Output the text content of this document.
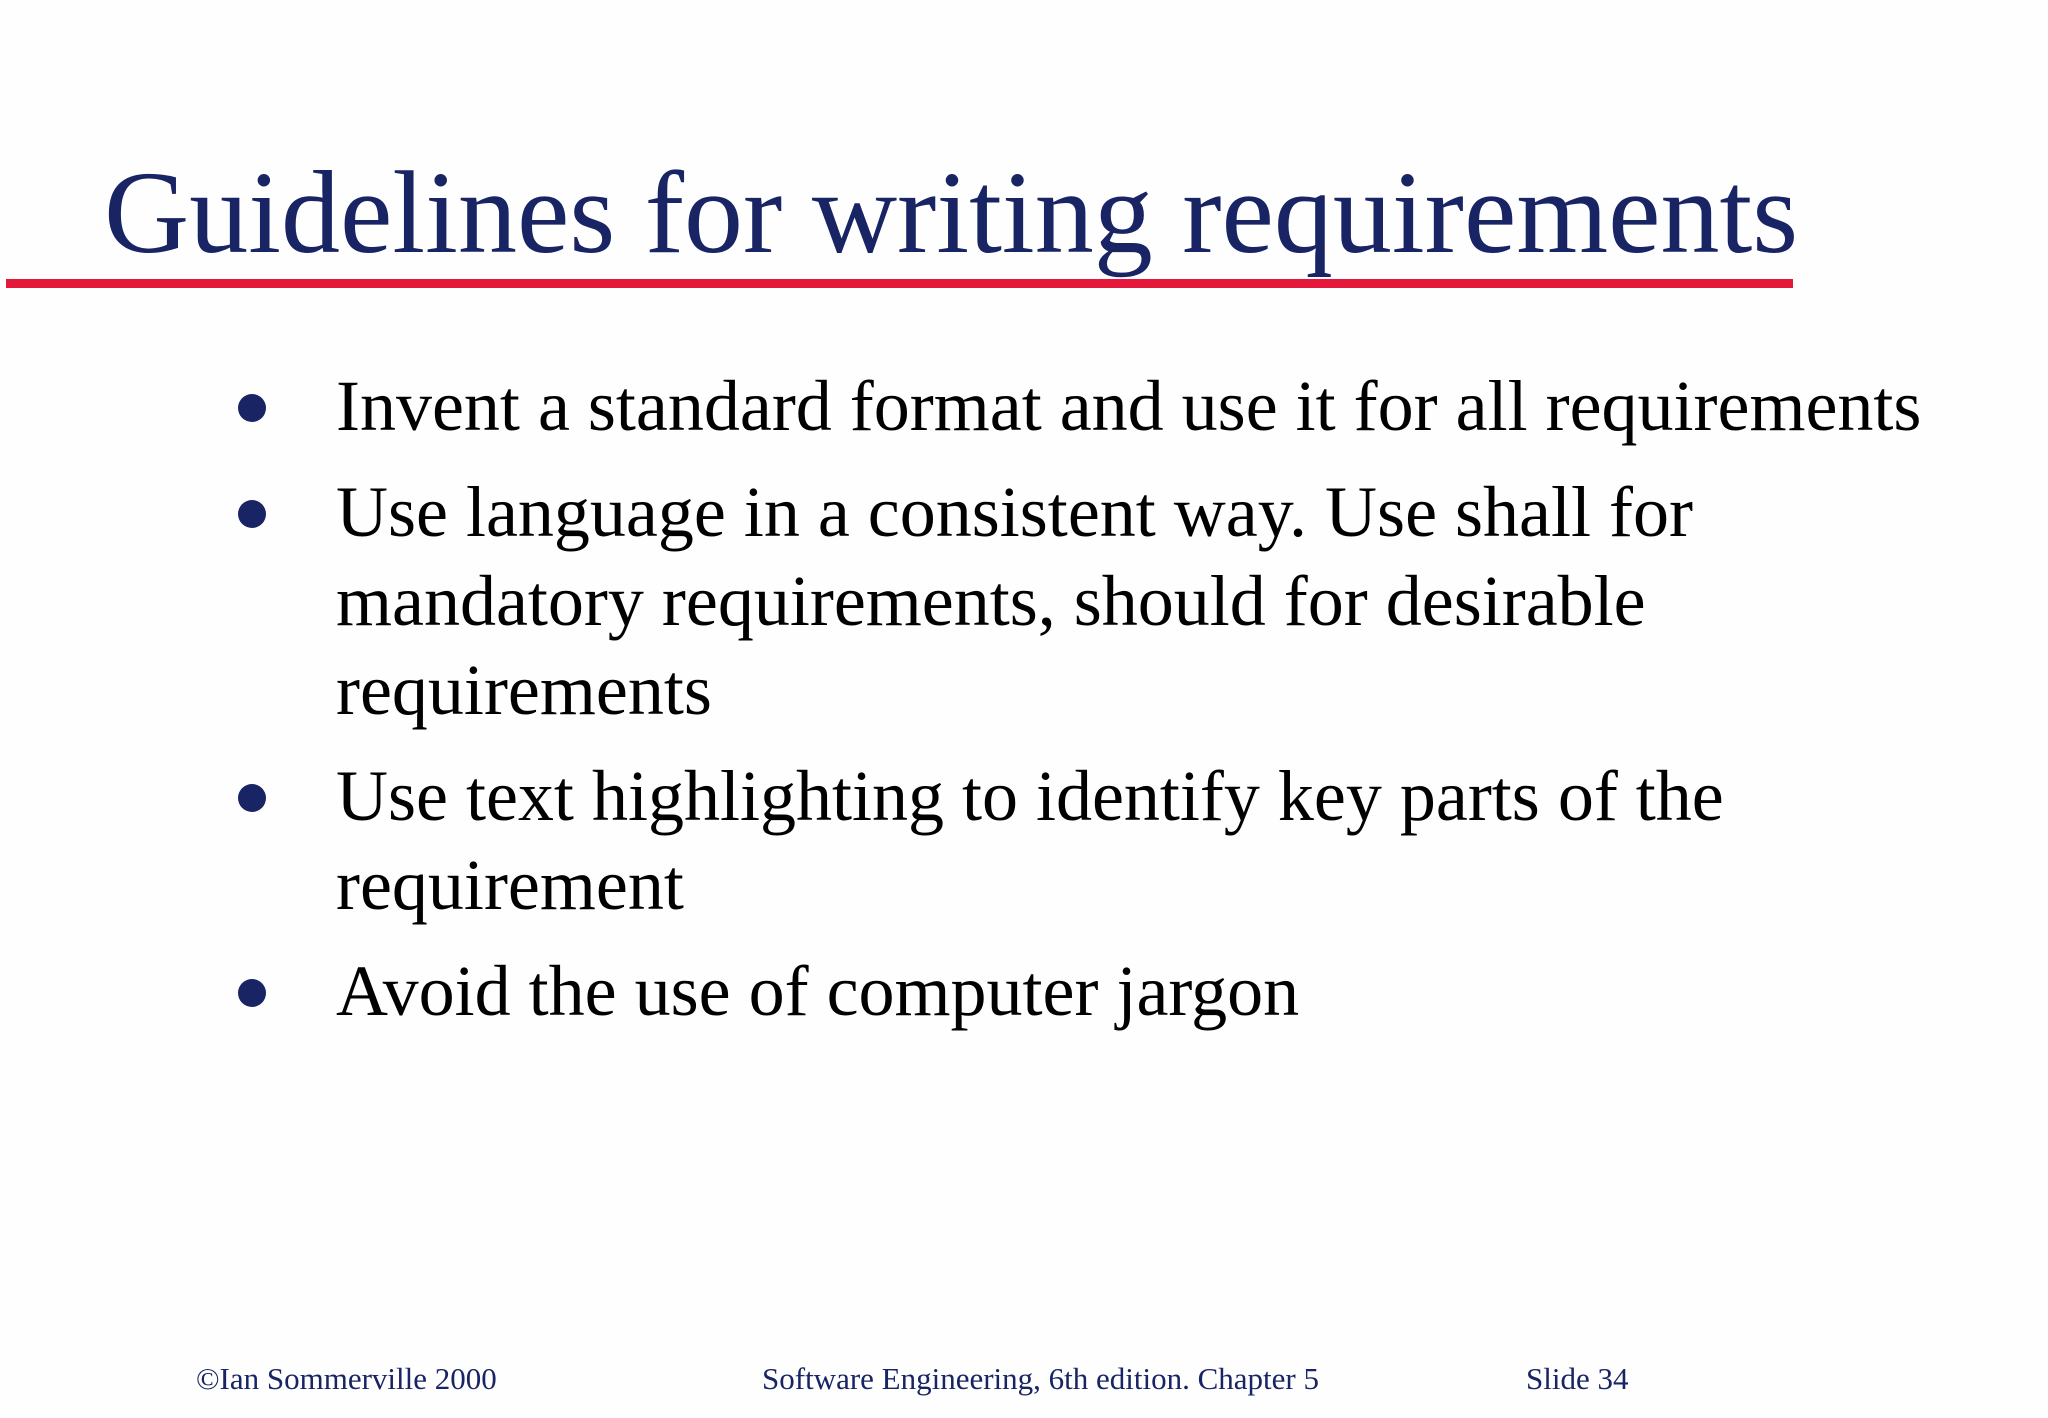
Guidelines for writing requirements
Invent a standard format and use it for all requirements
Use language in a consistent way. Use shall for mandatory requirements, should for desirable requirements
Use text highlighting to identify key parts of the requirement
Avoid the use of computer jargon
©Ian Sommerville 2000	Software Engineering, 6th edition. Chapter 5	Slide 34
